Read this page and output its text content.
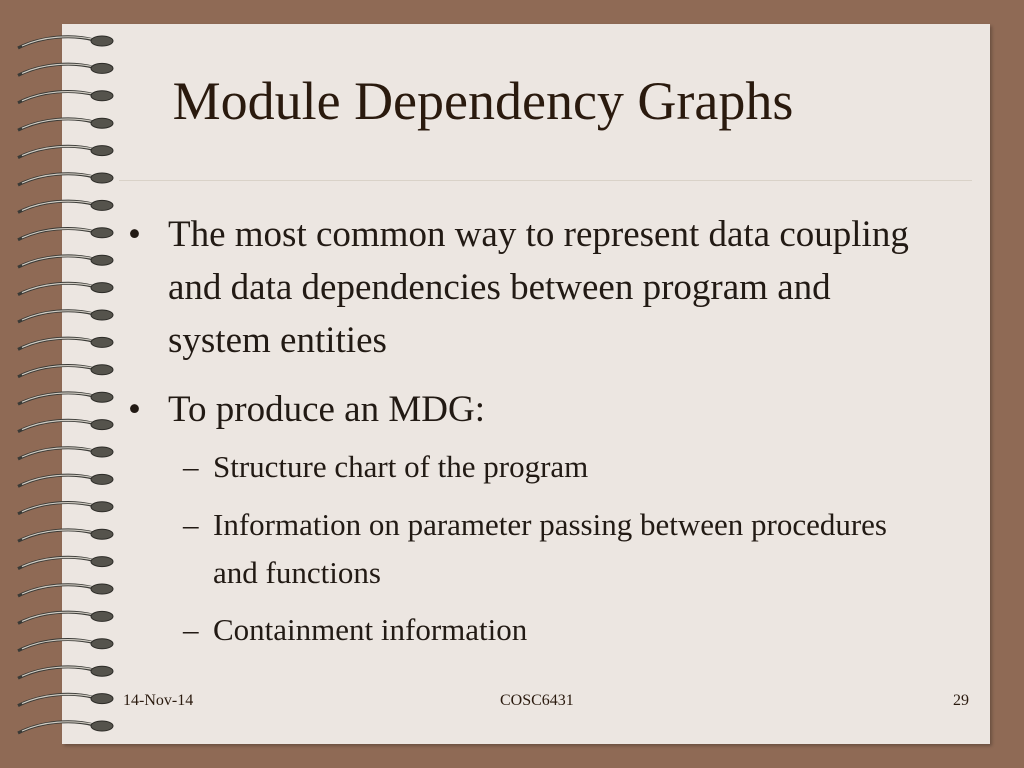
Module Dependency Graphs
• The most common way to represent data coupling and data dependencies between program and system entities
• To produce an MDG:
– Structure chart of the program
– Information on parameter passing between procedures and functions
– Containment information
14-Nov-14	COSC6431	29
